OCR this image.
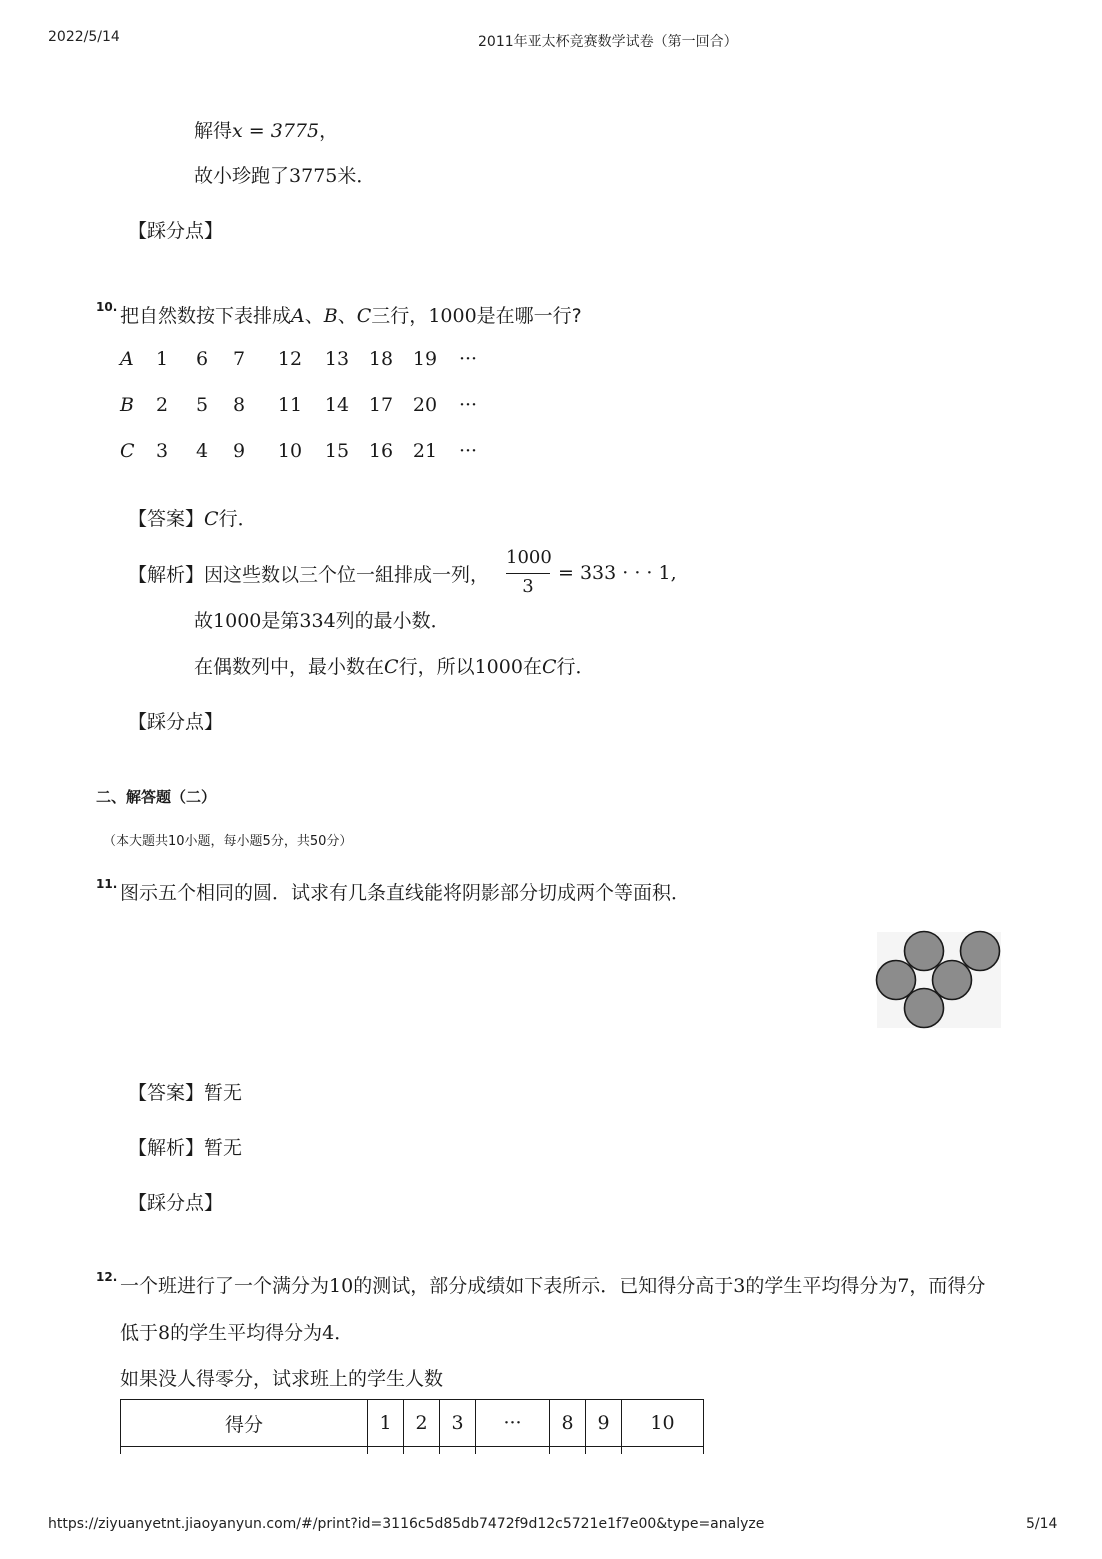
2022/5/14	2011年亚太杯竞赛数学试卷（第一回合）
解得x = 3775，
故小珍跑了3775米．
【踩分点】
10. 把自然数按下表排成A、B、C三行，1000是在哪一行?
A	1	6	7	12	13	18	19	···
B	2	5	8	11	14	17	20	···
C	3	4	9	10	15	16	21	···
【答案】C行．
【解析】因这些数以三个位一組排成一列，
1000
3
= 333 · · · 1,
故1000是第334列的最小数．
在偶数列中，最小数在C行，所以1000在C行．
【踩分点】
二、解答题（二）
（本大题共10小题，每小题5分，共50分）
11. 图示五个相同的圆．试求有几条直线能将阴影部分切成两个等面积．
【答案】暂无
【解析】暂无
【踩分点】
12. 一个班进行了一个满分为10的测试，部分成绩如下表所示．已知得分高于3的学生平均得分为7，而得分
低于8的学生平均得分为4．
如果没人得零分，试求班上的学生人数
得分	1	2	3	···	8	9	10

https://ziyuanyetnt.jiaoyanyun.com/#/print?id=3116c5d85db7472f9d12c5721e1f7e00&type=analyze	5/14
